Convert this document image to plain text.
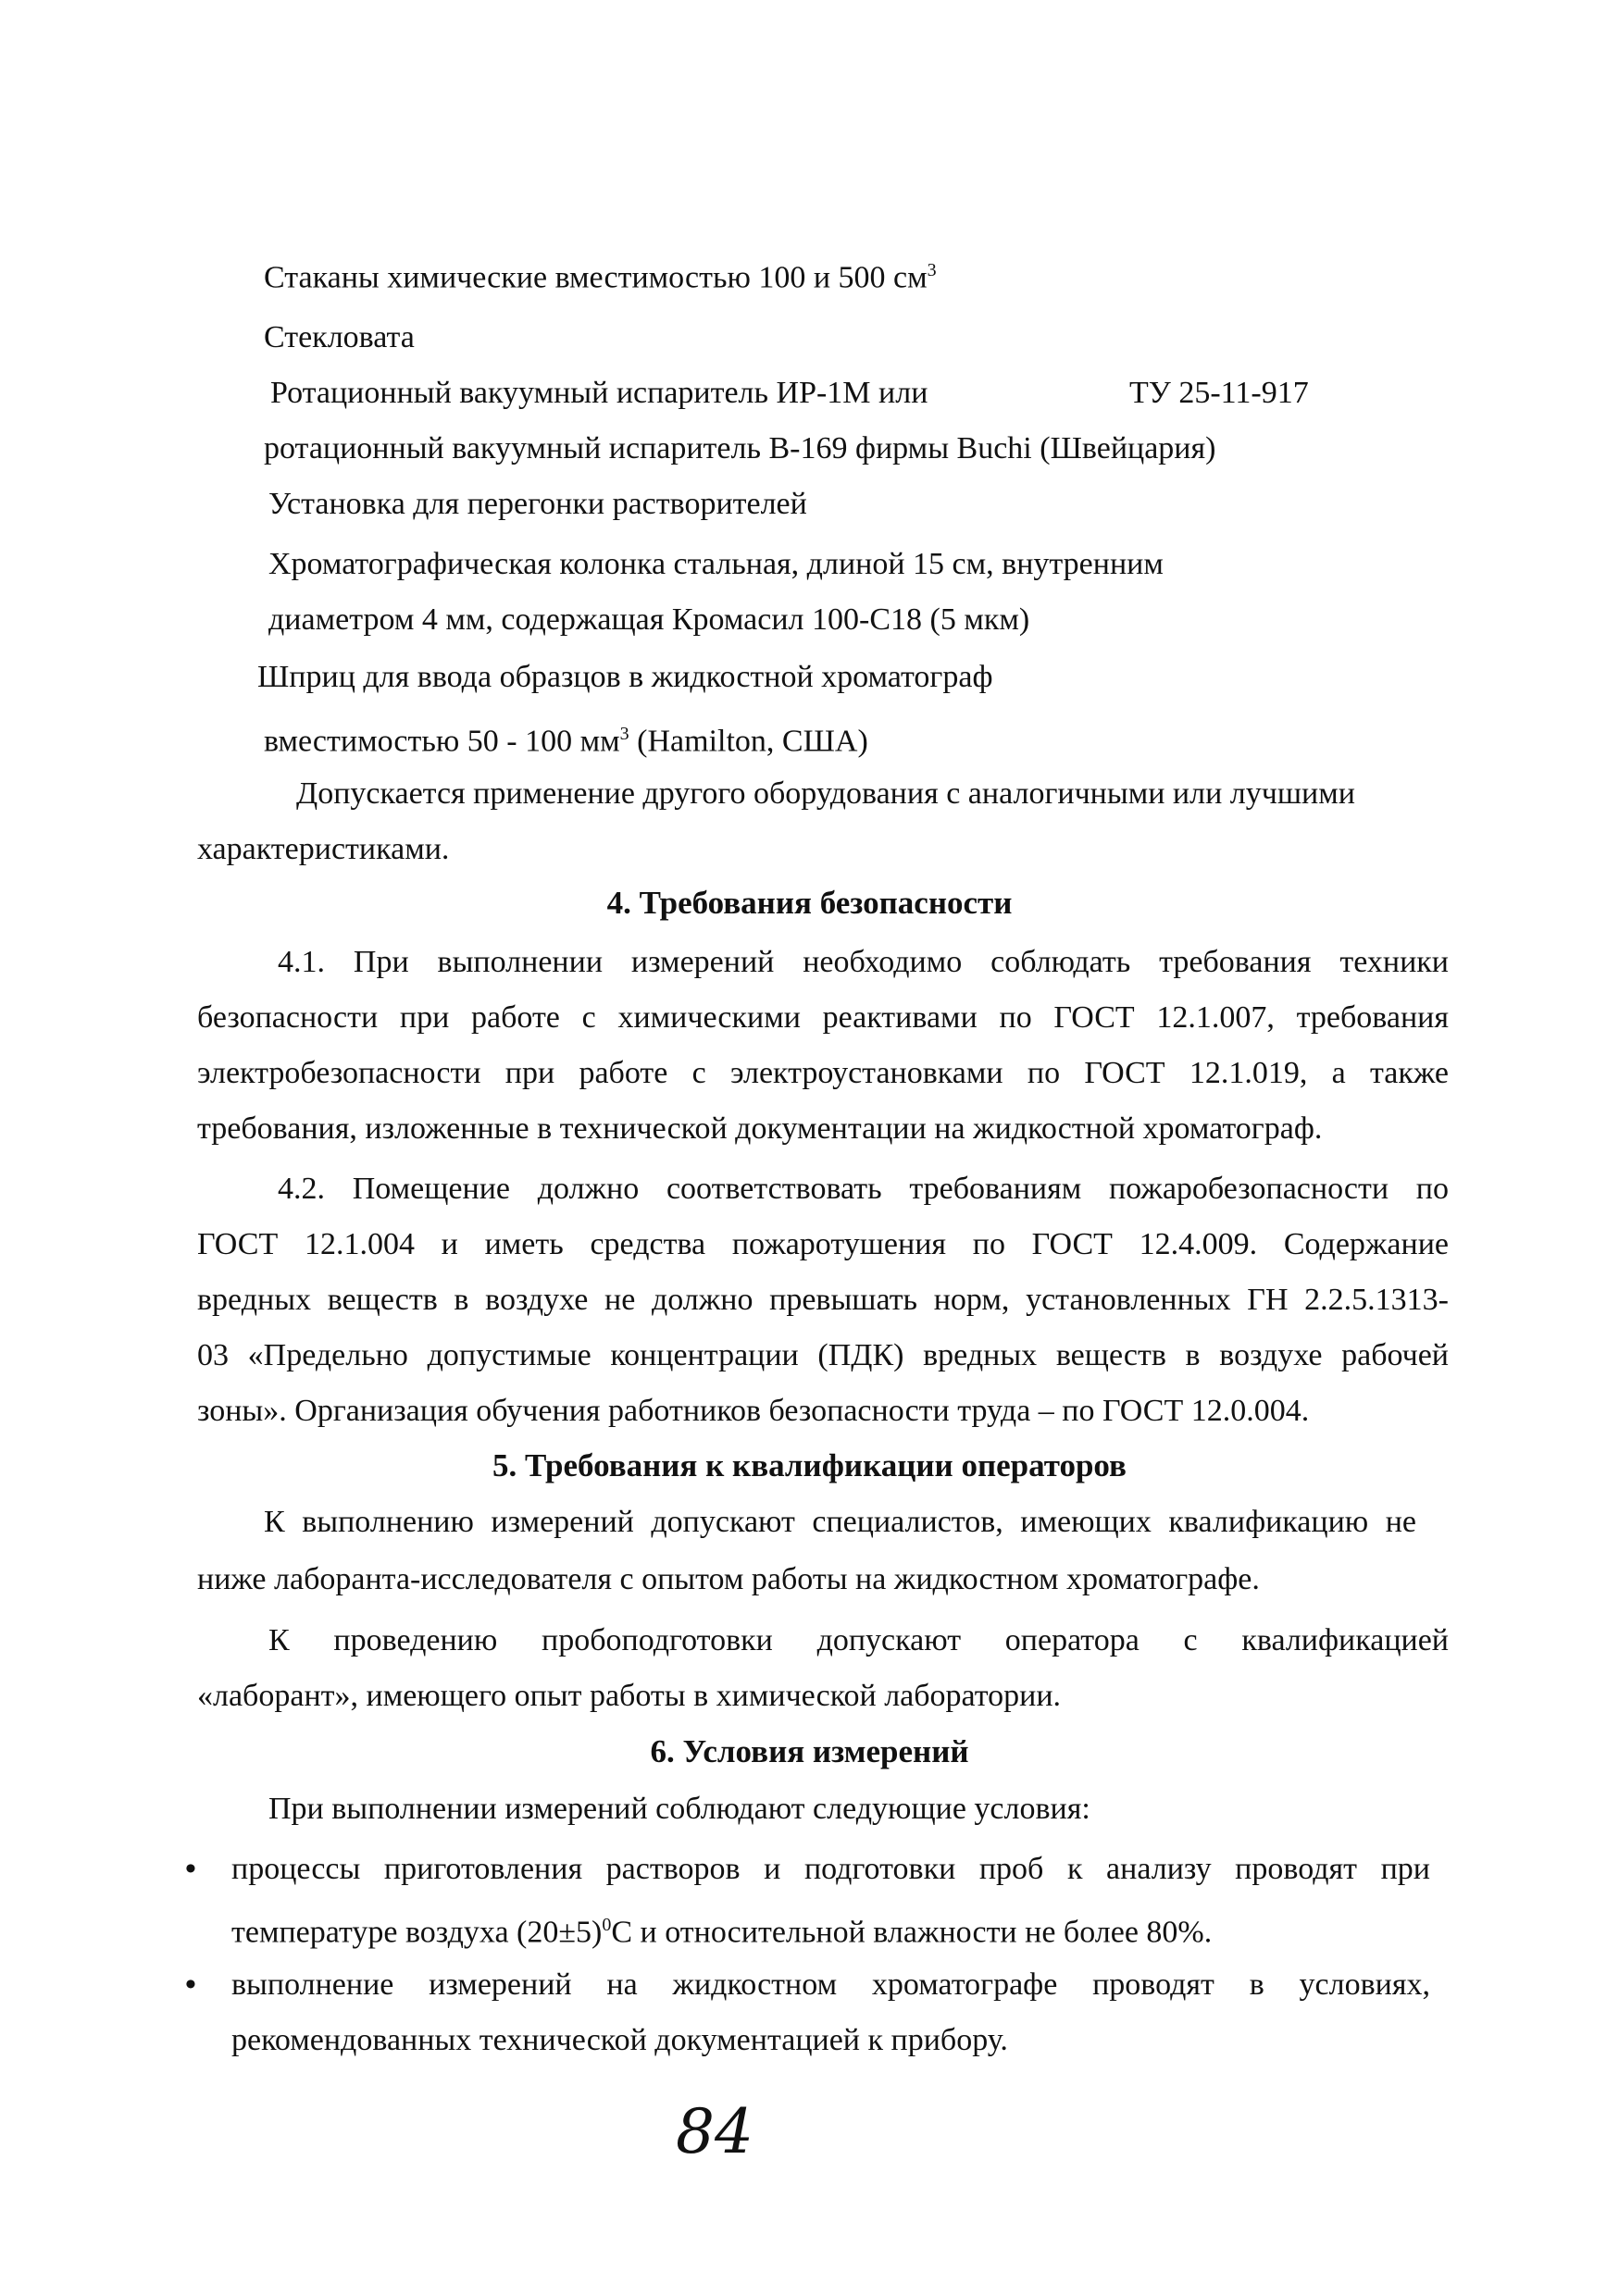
Стаканы химические вместимостью 100 и 500 $см^3$
Стекловата
Ротационный вакуумный испаритель ИР-1М или	ТУ 25-11-917
ротационный вакуумный испаритель В-169 фирмы Buchi (Швейцария)
Установка для перегонки растворителей
Хроматографическая колонка стальная, длиной 15 см, внутренним
диаметром 4 мм, содержащая Кромасил 100-С18 (5 мкм)
Шприц для ввода образцов в жидкостной хроматограф
вместимостью 50 - 100 $мм^3$ (Hamilton, США)
Допускается применение другого оборудования с аналогичными или лучшими
характеристиками.
4. Требования безопасности
4.1. При выполнении измерений необходимо соблюдать требования техники
безопасности при работе с химическими реактивами по ГОСТ 12.1.007, требования
электробезопасности при работе с электроустановками по ГОСТ 12.1.019, а также
требования, изложенные в технической документации на жидкостной хроматограф.
4.2. Помещение должно соответствовать требованиям пожаробезопасности по
ГОСТ 12.1.004 и иметь средства пожаротушения по ГОСТ 12.4.009. Содержание
вредных веществ в воздухе не должно превышать норм, установленных ГН 2.2.5.1313-
03 «Предельно допустимые концентрации (ПДК) вредных веществ в воздухе рабочей
зоны». Организация обучения работников безопасности труда – по ГОСТ 12.0.004.
5. Требования к квалификации операторов
К выполнению измерений допускают специалистов, имеющих квалификацию не
ниже лаборанта-исследователя с опытом работы на жидкостном хроматографе.
К проведению пробоподготовки допускают оператора с квалификацией
«лаборант», имеющего опыт работы в химической лаборатории.
6. Условия измерений
При выполнении измерений соблюдают следующие условия:
• процессы приготовления растворов и подготовки проб к анализу проводят при
температуре воздуха $(20\pm 5)^0С$ и относительной влажности не более 80%.
• выполнение измерений на жидкостном хроматографе проводят в условиях,
рекомендованных технической документацией к прибору.
84
